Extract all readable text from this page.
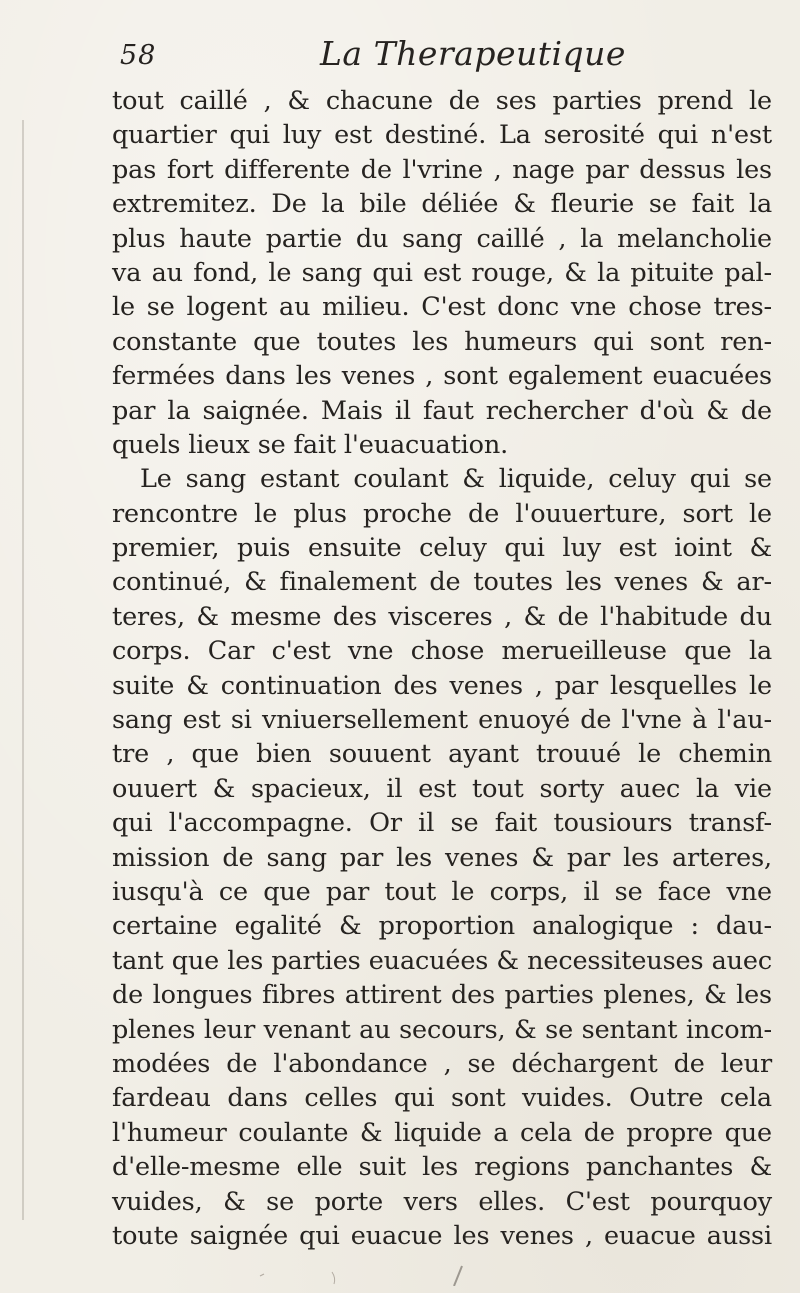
58	La Therapeutique
tout caillé , & chacune de ses parties prend le
quartier qui luy est destiné. La serosité qui n'est
pas fort differente de l'vrine , nage par dessus les
extremitez. De la bile déliée & fleurie se fait la
plus haute partie du sang caillé , la melancholie
va au fond, le sang qui est rouge, & la pituite pal-
le se logent au milieu. C'est donc vne chose tres-
constante que toutes les humeurs qui sont ren-
fermées dans les venes , sont egalement euacuées
par la saignée. Mais il faut rechercher d'où & de
quels lieux se fait l'euacuation.
Le sang estant coulant & liquide, celuy qui se
rencontre le plus proche de l'ouuerture, sort le
premier, puis ensuite celuy qui luy est ioint &
continué, & finalement de toutes les venes & ar-
teres, & mesme des visceres , & de l'habitude du
corps. Car c'est vne chose merueilleuse que la
suite & continuation des venes , par lesquelles le
sang est si vniuersellement enuoyé de l'vne à l'au-
tre , que bien souuent ayant trouué le chemin
ouuert & spacieux, il est tout sorty auec la vie
qui l'accompagne. Or il se fait tousiours transf-
mission de sang par les venes & par les arteres,
iusqu'à ce que par tout le corps, il se face vne
certaine egalité & proportion analogique : dau-
tant que les parties euacuées & necessiteuses auec
de longues fibres attirent des parties plenes, & les
plenes leur venant au secours, & se sentant incom-
modées de l'abondance , se déchargent de leur
fardeau dans celles qui sont vuides. Outre cela
l'humeur coulante & liquide a cela de propre que
d'elle-mesme elle suit les regions panchantes &
vuides, & se porte vers elles. C'est pourquoy
toute saignée qui euacue les venes , euacue aussi
